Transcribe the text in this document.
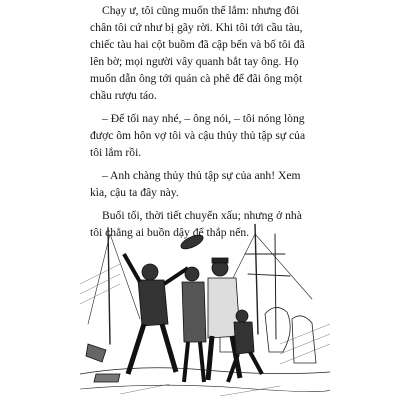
Chạy ư, tôi cũng muốn thế lắm: nhưng đôi chân tôi cứ như bị gãy rời. Khi tôi tới cầu tàu, chiếc tàu hai cột buồm đã cập bến và bố tôi đã lên bờ; mọi người vây quanh bắt tay ông. Họ muốn dẫn ông tới quán cà phê để đãi ông một chầu rượu táo.

– Để tối nay nhé, – ông nói, – tôi nóng lòng được ôm hôn vợ tôi và cậu thủy thủ tập sự của tôi lắm rồi.

– Anh chàng thủy thủ tập sự của anh! Xem kìa, cậu ta đây này.

Buổi tối, thời tiết chuyển xấu; nhưng ở nhà tôi chẳng ai buồn dậy để thắp nến.
